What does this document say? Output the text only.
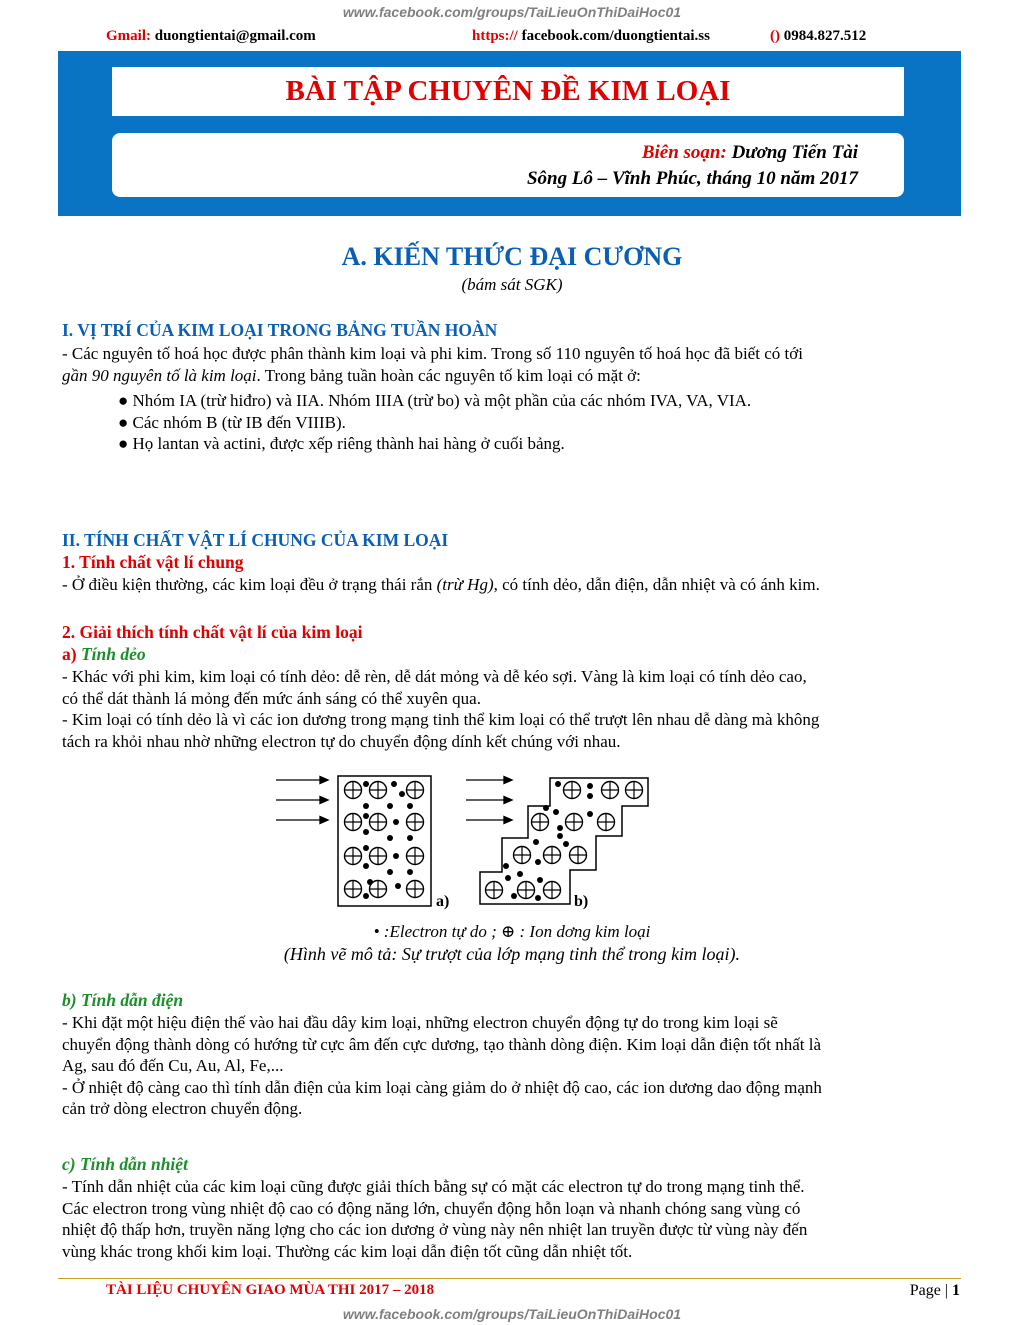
www.facebook.com/groups/TaiLieuOnThiDaiHoc01
Gmail: duongtientai@gmail.com	https:// facebook.com/duongtientai.ss	() 0984.827.512
BÀI TẬP CHUYÊN ĐỀ KIM LOẠI
Biên soạn: Dương Tiến Tài
Sông Lô – Vĩnh Phúc, tháng 10 năm 2017
A. KIẾN THỨC ĐẠI CƯƠNG
(bám sát SGK)
I. VỊ TRÍ CỦA KIM LOẠI TRONG BẢNG TUẦN HOÀN
- Các nguyên tố hoá học được phân thành kim loại và phi kim. Trong số 110 nguyên tố hoá học đã biết có tới
gần 90 nguyên tố là kim loại. Trong bảng tuần hoàn các nguyên tố kim loại có mặt ở:
● Nhóm IA (trừ hiđro) và IIA. Nhóm IIIA (trừ bo) và một phần của các nhóm IVA, VA, VIA.
● Các nhóm B (từ IB đến VIIIB).
● Họ lantan và actini, được xếp riêng thành hai hàng ở cuối bảng.
II. TÍNH CHẤT VẬT LÍ CHUNG CỦA KIM LOẠI
1. Tính chất vật lí chung
- Ở điều kiện thường, các kim loại đều ở trạng thái rắn (trừ Hg), có tính dẻo, dẫn điện, dẫn nhiệt và có ánh kim.
2. Giải thích tính chất vật lí của kim loại
a) Tính dẻo
- Khác với phi kim, kim loại có tính dẻo: dễ rèn, dễ dát mỏng và dễ kéo sợi. Vàng là kim loại có tính dẻo cao,
có thể dát thành lá mỏng đến mức ánh sáng có thể xuyên qua.
- Kim loại có tính dẻo là vì các ion dương trong mạng tinh thể kim loại có thể trượt lên nhau dễ dàng mà không
tách ra khỏi nhau nhờ những electron tự do chuyển động dính kết chúng với nhau.
a)	b)
• :Electron tự do ; ⊕ : Ion dơng kim loại
(Hình vẽ mô tả: Sự trượt của lớp mạng tinh thể trong kim loại).
b) Tính dẫn điện
- Khi đặt một hiệu điện thế vào hai đầu dây kim loại, những electron chuyển động tự do trong kim loại sẽ
chuyển động thành dòng có hướng từ cực âm đến cực dương, tạo thành dòng điện. Kim loại dẫn điện tốt nhất là
Ag, sau đó đến Cu, Au, Al, Fe,...
- Ở nhiệt độ càng cao thì tính dẫn điện của kim loại càng giảm do ở nhiệt độ cao, các ion dương dao động mạnh
cản trở dòng electron chuyển động.
c) Tính dẫn nhiệt
- Tính dẫn nhiệt của các kim loại cũng được giải thích bằng sự có mặt các electron tự do trong mạng tinh thể.
Các electron trong vùng nhiệt độ cao có động năng lớn, chuyển động hỗn loạn và nhanh chóng sang vùng có
nhiệt độ thấp hơn, truyền năng lợng cho các ion dương ở vùng này nên nhiệt lan truyền được từ vùng này đến
vùng khác trong khối kim loại. Thường các kim loại dẫn điện tốt cũng dẫn nhiệt tốt.
TÀI LIỆU CHUYÊN GIAO MÙA THI 2017 – 2018	Page | 1
www.facebook.com/groups/TaiLieuOnThiDaiHoc01
